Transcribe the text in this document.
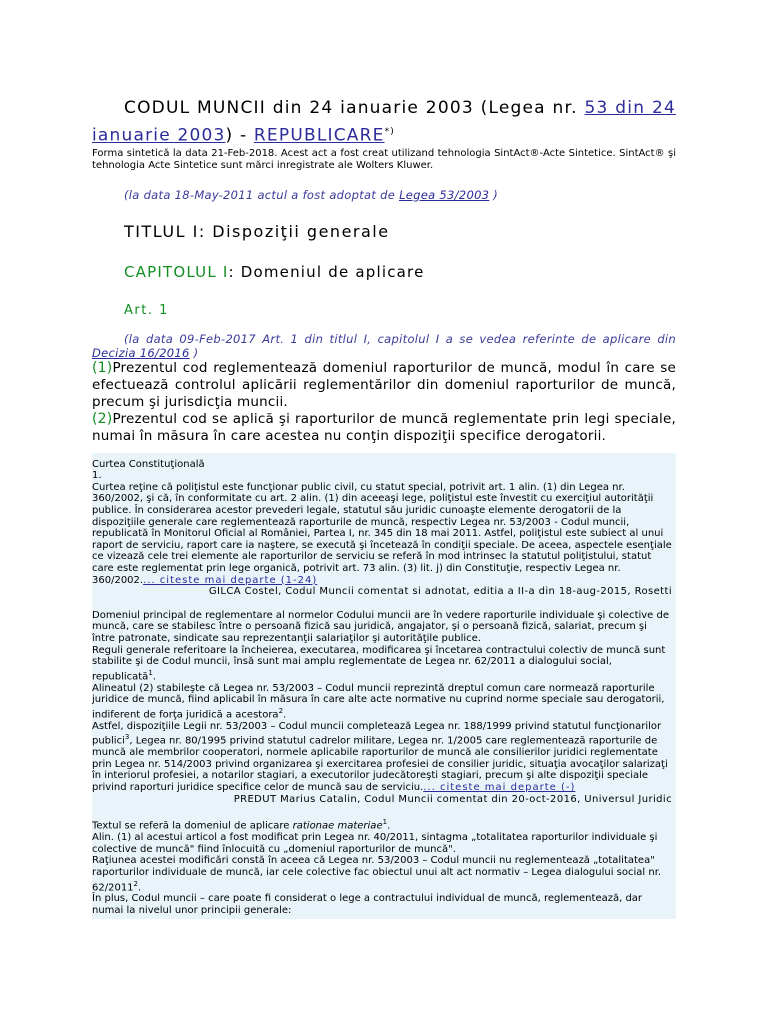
CODUL MUNCII din 24 ianuarie 2003 (Legea nr. 53 din 24 ianuarie 2003) - REPUBLICARE*)

Forma sintetică la data 21-Feb-2018. Acest act a fost creat utilizand tehnologia SintAct®-Acte Sintetice. SintAct® şi tehnologia Acte Sintetice sunt mărci inregistrate ale Wolters Kluwer.

(la data 18-May-2011 actul a fost adoptat de Legea 53/2003 )

TITLUL I: Dispoziţii generale
CAPITOLUL I: Domeniul de aplicare
Art. 1

(la data 09-Feb-2017 Art. 1 din titlul I, capitolul I a se vedea referinte de aplicare din Decizia 16/2016 )

(1)Prezentul cod reglementează domeniul raporturilor de muncă, modul în care se efectuează controlul aplicării reglementărilor din domeniul raporturilor de muncă, precum şi jurisdicţia muncii.

(2)Prezentul cod se aplică şi raporturilor de muncă reglementate prin legi speciale, numai în măsura în care acestea nu conţin dispoziţii specifice derogatorii.

Curtea Constituţională

1.

Curtea reţine că poliţistul este funcţionar public civil, cu statut special, potrivit art. 1 alin. (1) din Legea nr. 360/2002, şi că, în conformitate cu art. 2 alin. (1) din aceeaşi lege, poliţistul este învestit cu exerciţiul autorităţii publice. În considerarea acestor prevederi legale, statutul său juridic cunoaşte elemente derogatorii de la dispoziţiile generale care reglementează raporturile de muncă, respectiv Legea nr. 53/2003 - Codul muncii, republicată în Monitorul Oficial al României, Partea I, nr. 345 din 18 mai 2011. Astfel, poliţistul este subiect al unui raport de serviciu, raport care ia naştere, se execută şi încetează în condiţii speciale. De aceea, aspectele esenţiale ce vizează cele trei elemente ale raporturilor de serviciu se referă în mod intrinsec la statutul poliţistului, statut care este reglementat prin lege organică, potrivit art. 73 alin. (3) lit. j) din Constituţie, respectiv Legea nr. 360/2002.... citeste mai departe (1-24)

GILCA Costel, Codul Muncii comentat si adnotat, editia a II-a din 18-aug-2015, Rosetti

Domeniul principal de reglementare al normelor Codului muncii are în vedere raporturile individuale şi colective de muncă, care se stabilesc între o persoană fizică sau juridică, angajator, şi o persoană fizică, salariat, precum şi între patronate, sindicate sau reprezentanţii salariaţilor şi autorităţile publice.

Reguli generale referitoare la încheierea, executarea, modificarea şi încetarea contractului colectiv de muncă sunt stabilite şi de Codul muncii, însă sunt mai amplu reglementate de Legea nr. 62/2011 a dialogului social, republicată$^1$.

Alineatul (2) stabileşte că Legea nr. 53/2003 – Codul muncii reprezintă dreptul comun care normează raporturile juridice de muncă, fiind aplicabil în măsura în care alte acte normative nu cuprind norme speciale sau derogatorii, indiferent de forţa juridică a acestora$^2$.

Astfel, dispoziţiile Legii nr. 53/2003 – Codul muncii completează Legea nr. 188/1999 privind statutul funcţionarilor publici$^3$, Legea nr. 80/1995 privind statutul cadrelor militare, Legea nr. 1/2005 care reglementează raporturile de muncă ale membrilor cooperatori, normele aplicabile raporturilor de muncă ale consilierilor juridici reglementate prin Legea nr. 514/2003 privind organizarea şi exercitarea profesiei de consilier juridic, situaţia avocaţilor salarizaţi în interiorul profesiei, a notarilor stagiari, a executorilor judecătoreşti stagiari, precum şi alte dispoziţii speciale privind raporturi juridice specifice celor de muncă sau de serviciu.... citeste mai departe (-)

PREDUT Marius Catalin, Codul Muncii comentat din 20-oct-2016, Universul Juridic

Textul se referă la domeniul de aplicare rationae materiae$^1$.

Alin. (1) al acestui articol a fost modificat prin Legea nr. 40/2011, sintagma „totalitatea raporturilor individuale şi colective de muncă" fiind înlocuită cu „domeniul raporturilor de muncă".

Raţiunea acestei modificări constă în aceea că Legea nr. 53/2003 – Codul muncii nu reglementează „totalitatea" raporturilor individuale de muncă, iar cele colective fac obiectul unui alt act normativ – Legea dialogului social nr. 62/2011$^2$.

În plus, Codul muncii – care poate fi considerat o lege a contractului individual de muncă, reglementează, dar numai la nivelul unor principii generale:
